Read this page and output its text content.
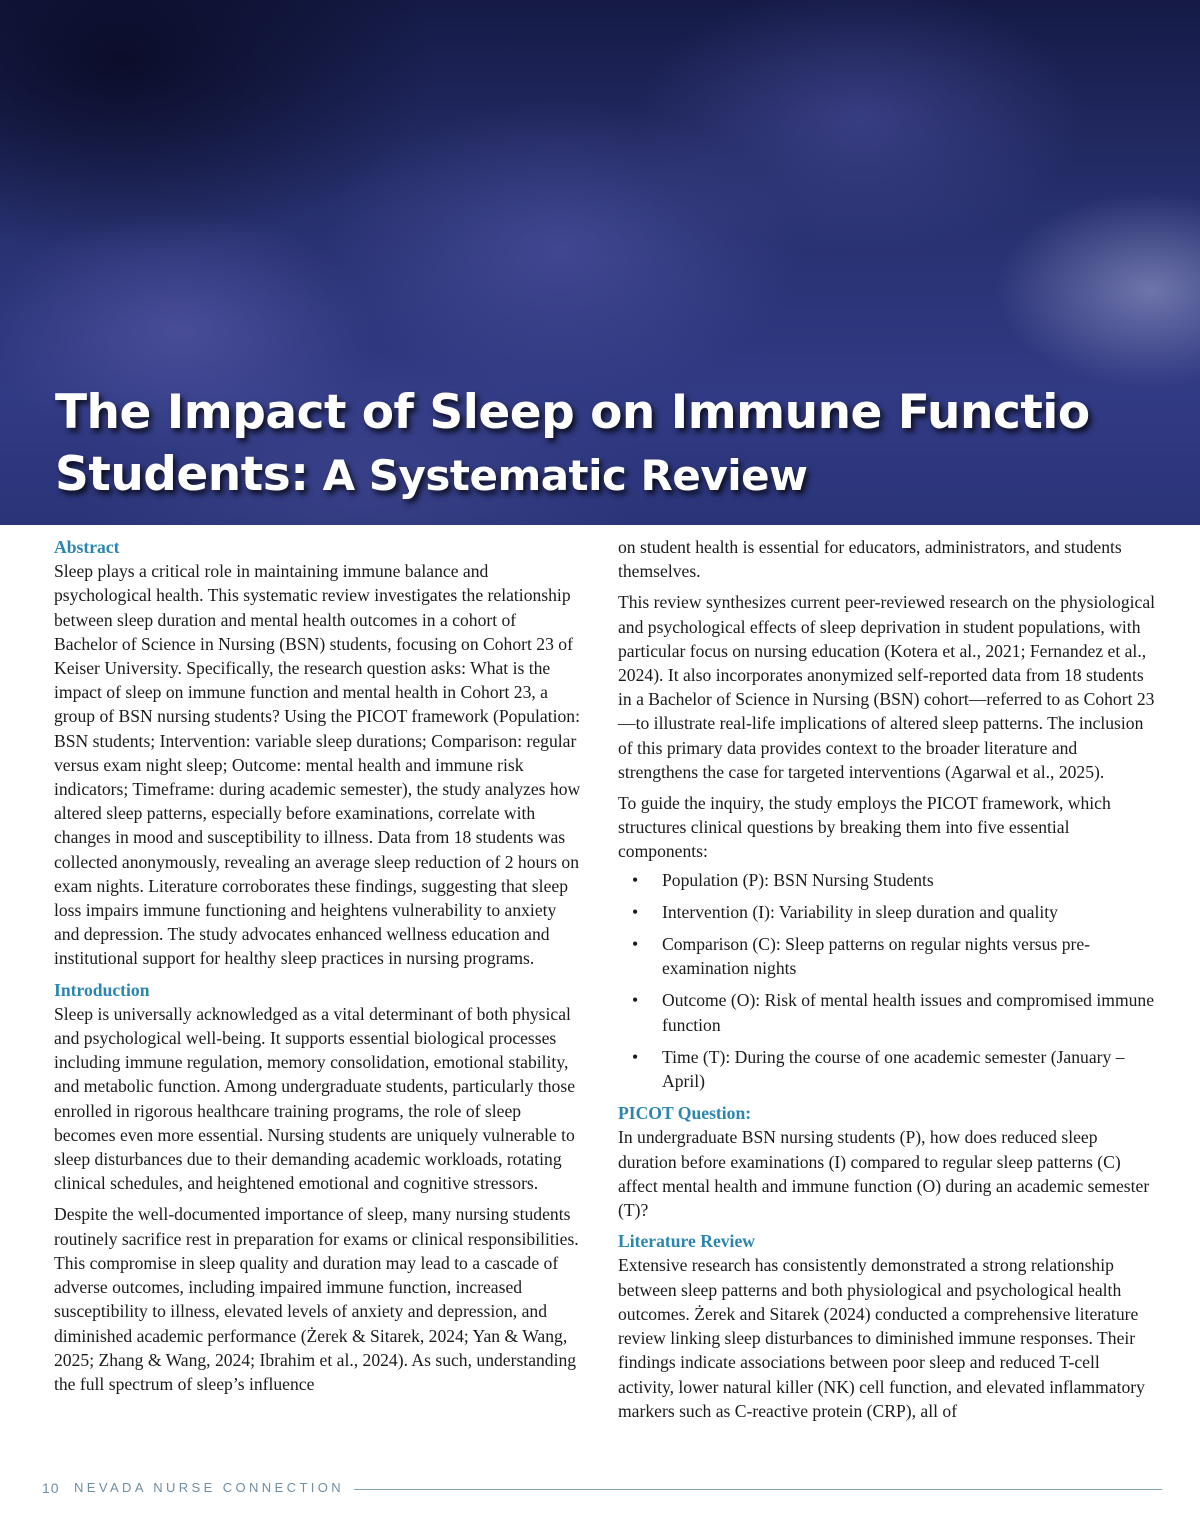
The Impact of Sleep on Immune Functio
Students: A Systematic Review
Abstract

Sleep plays a critical role in maintaining immune balance and psychological health. This systematic review investigates the relationship between sleep duration and mental health outcomes in a cohort of Bachelor of Science in Nursing (BSN) students, focusing on Cohort 23 of Keiser University. Specifically, the research question asks: What is the impact of sleep on immune function and mental health in Cohort 23, a group of BSN nursing students? Using the PICOT framework (Population: BSN students; Intervention: variable sleep durations; Comparison: regular versus exam night sleep; Outcome: mental health and immune risk indicators; Timeframe: during academic semester), the study analyzes how altered sleep patterns, especially before examinations, correlate with changes in mood and susceptibility to illness. Data from 18 students was collected anonymously, revealing an average sleep reduction of 2 hours on exam nights. Literature corroborates these findings, suggesting that sleep loss impairs immune functioning and heightens vulnerability to anxiety and depression. The study advocates enhanced wellness education and institutional support for healthy sleep practices in nursing programs.

Introduction

Sleep is universally acknowledged as a vital determinant of both physical and psychological well-being. It supports essential biological processes including immune regulation, memory consolidation, emotional stability, and metabolic function. Among undergraduate students, particularly those enrolled in rigorous healthcare training programs, the role of sleep becomes even more essential. Nursing students are uniquely vulnerable to sleep disturbances due to their demanding academic workloads, rotating clinical schedules, and heightened emotional and cognitive stressors.

Despite the well-documented importance of sleep, many nursing students routinely sacrifice rest in preparation for exams or clinical responsibilities. This compromise in sleep quality and duration may lead to a cascade of adverse outcomes, including impaired immune function, increased susceptibility to illness, elevated levels of anxiety and depression, and diminished academic performance (Żerek & Sitarek, 2024; Yan & Wang, 2025; Zhang & Wang, 2024; Ibrahim et al., 2024). As such, understanding the full spectrum of sleep’s influence

on student health is essential for educators, administrators, and students themselves.

This review synthesizes current peer-reviewed research on the physiological and psychological effects of sleep deprivation in student populations, with particular focus on nursing education (Kotera et al., 2021; Fernandez et al., 2024). It also incorporates anonymized self-reported data from 18 students in a Bachelor of Science in Nursing (BSN) cohort—referred to as Cohort 23—to illustrate real-life implications of altered sleep patterns. The inclusion of this primary data provides context to the broader literature and strengthens the case for targeted interventions (Agarwal et al., 2025).

To guide the inquiry, the study employs the PICOT framework, which structures clinical questions by breaking them into five essential components:

• Population (P): BSN Nursing Students
• Intervention (I): Variability in sleep duration and quality
• Comparison (C): Sleep patterns on regular nights versus pre-examination nights
• Outcome (O): Risk of mental health issues and compromised immune function
• Time (T): During the course of one academic semester (January – April)
PICOT Question:

In undergraduate BSN nursing students (P), how does reduced sleep duration before examinations (I) compared to regular sleep patterns (C) affect mental health and immune function (O) during an academic semester (T)?

Literature Review

Extensive research has consistently demonstrated a strong relationship between sleep patterns and both physiological and psychological health outcomes. Żerek and Sitarek (2024) conducted a comprehensive literature review linking sleep disturbances to diminished immune responses. Their findings indicate associations between poor sleep and reduced T-cell activity, lower natural killer (NK) cell function, and elevated inflammatory markers such as C-reactive protein (CRP), all of

10 NEVADA NURSE CONNECTION
